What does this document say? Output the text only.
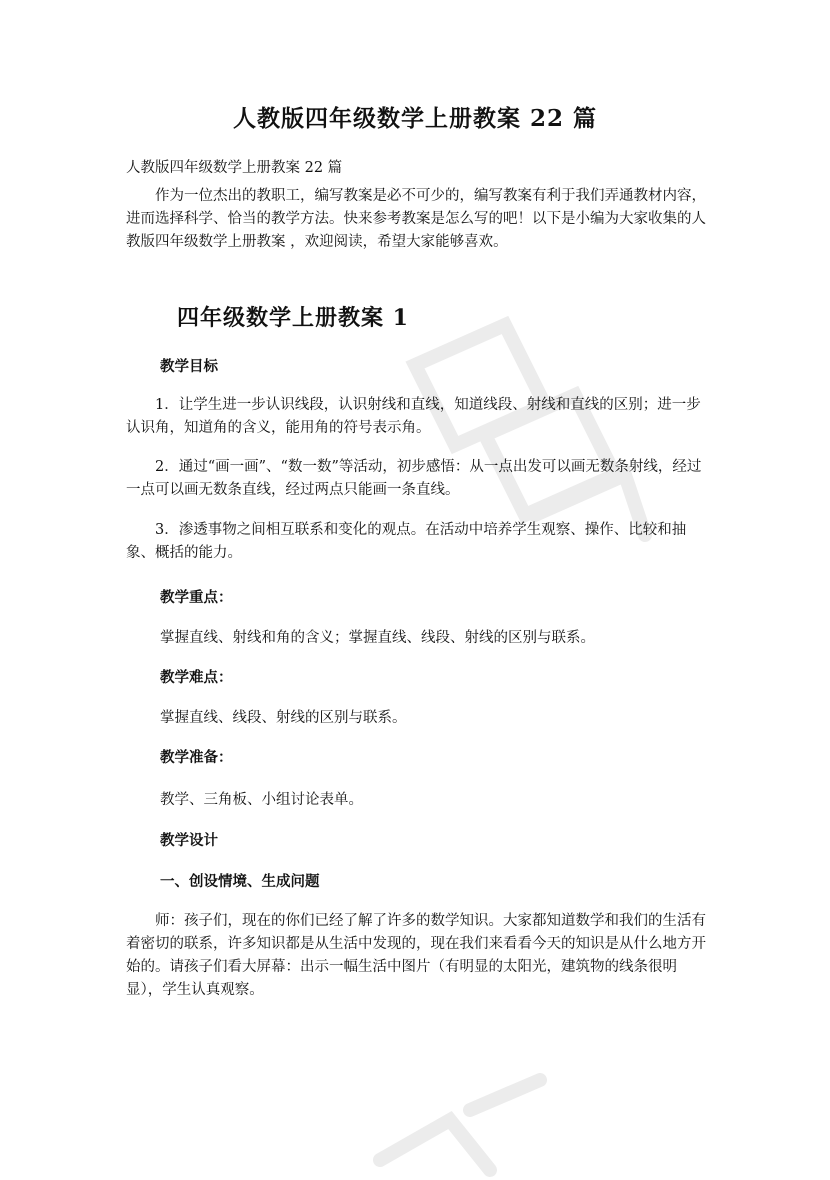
人教版四年级数学上册教案 22 篇

人教版四年级数学上册教案 22 篇

作为一位杰出的教职工，编写教案是必不可少的，编写教案有利于我们弄通教材内容，进而选择科学、恰当的教学方法。快来参考教案是怎么写的吧！以下是小编为大家收集的人教版四年级数学上册教案 ，欢迎阅读，希望大家能够喜欢。

四年级数学上册教案 1

教学目标

1．让学生进一步认识线段，认识射线和直线，知道线段、射线和直线的区别；进一步认识角，知道角的含义，能用角的符号表示角。

2．通过“画一画”、“数一数”等活动，初步感悟：从一点出发可以画无数条射线，经过一点可以画无数条直线，经过两点只能画一条直线。

3．渗透事物之间相互联系和变化的观点。在活动中培养学生观察、操作、比较和抽象、概括的能力。

教学重点：

掌握直线、射线和角的含义；掌握直线、线段、射线的区别与联系。

教学难点：

掌握直线、线段、射线的区别与联系。

教学准备：

教学、三角板、小组讨论表单。

教学设计

一、创设情境、生成问题

师：孩子们，现在的你们已经了解了许多的数学知识。大家都知道数学和我们的生活有着密切的联系，许多知识都是从生活中发现的，现在我们来看看今天的知识是从什么地方开始的。请孩子们看大屏幕：出示一幅生活中图片（有明显的太阳光，建筑物的线条很明显），学生认真观察。
